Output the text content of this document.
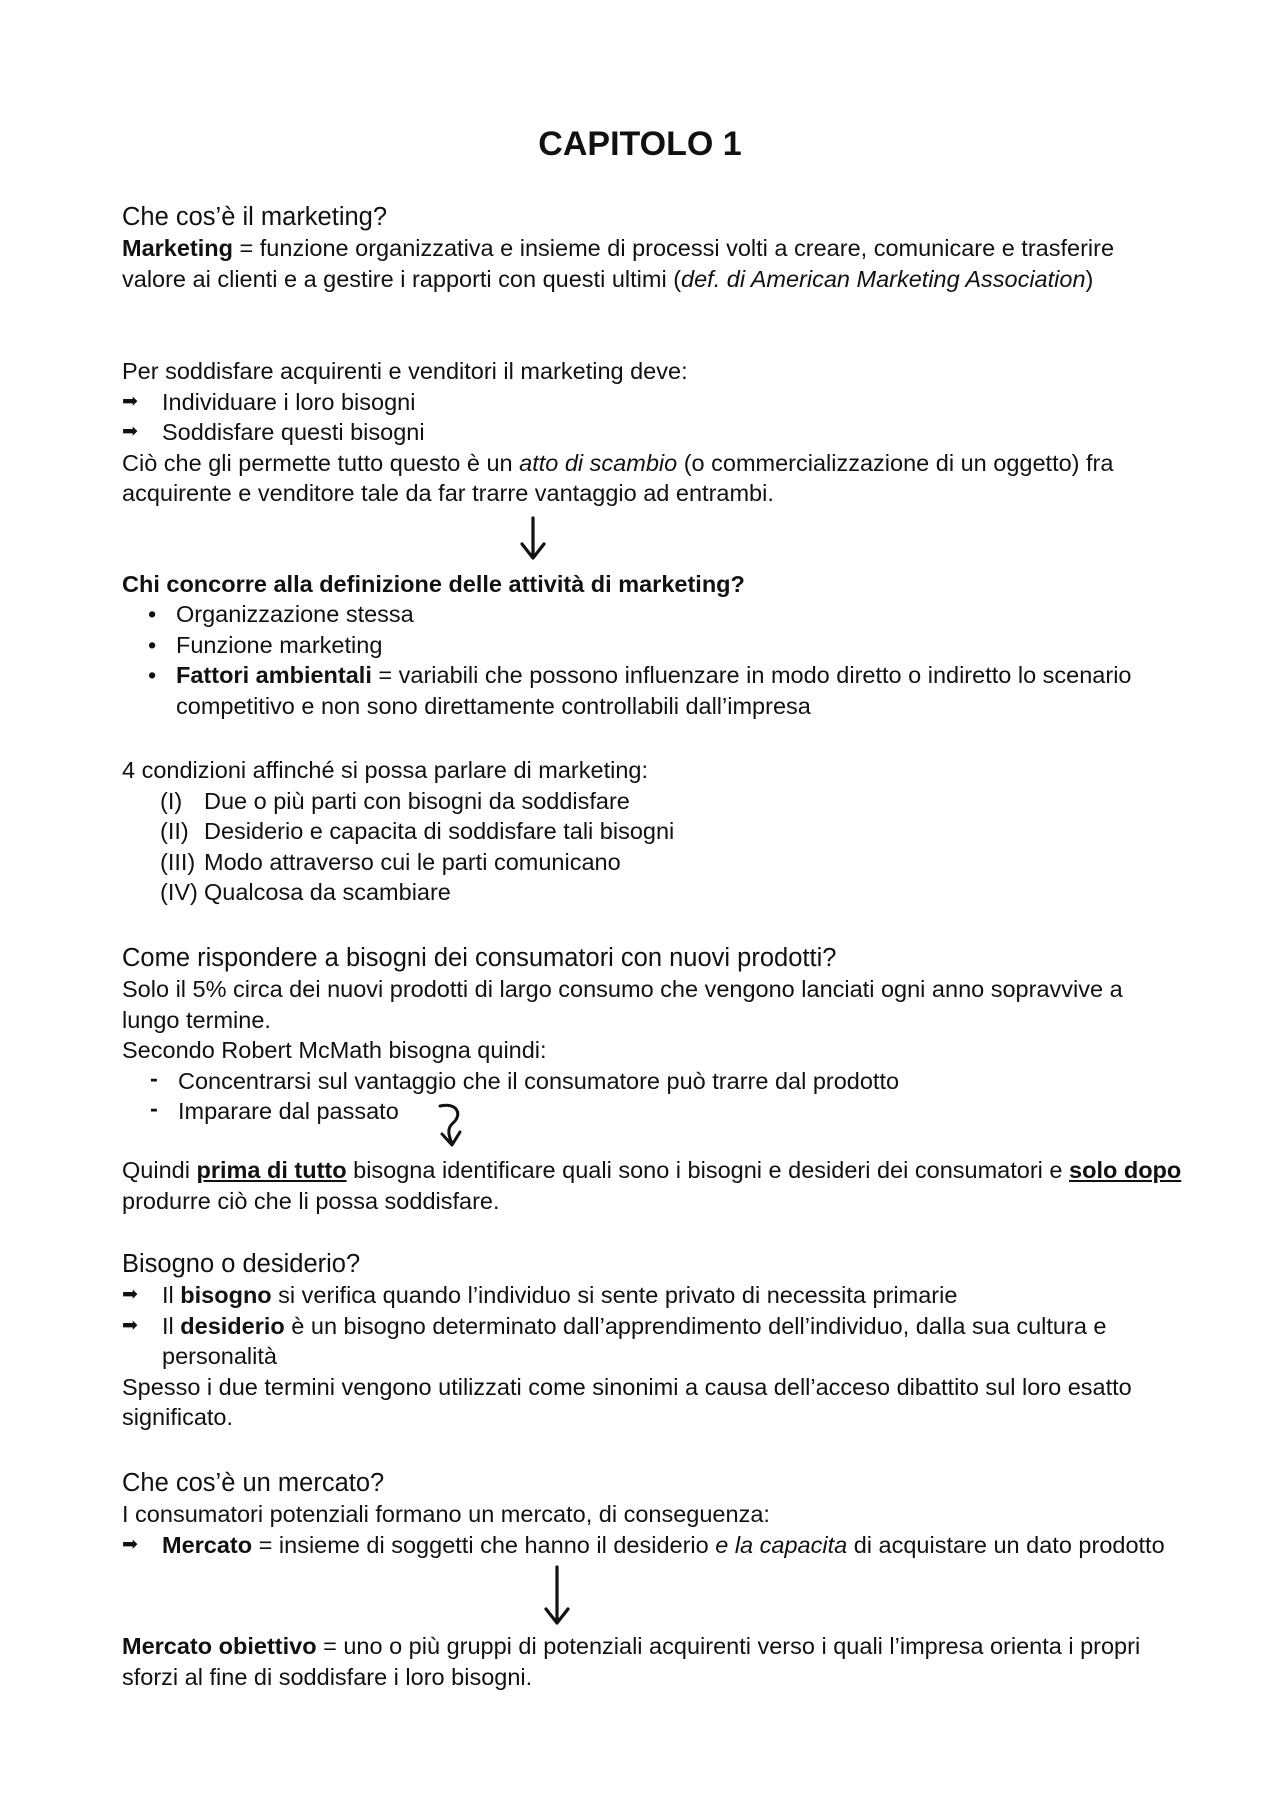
CAPITOLO 1
Che cos’è il marketing?
Marketing = funzione organizzativa e insieme di processi volti a creare, comunicare e trasferire valore ai clienti e a gestire i rapporti con questi ultimi (def. di American Marketing Association)
Per soddisfare acquirenti e venditori il marketing deve:
➡ Individuare i loro bisogni
➡ Soddisfare questi bisogni
Ciò che gli permette tutto questo è un atto di scambio (o commercializzazione di un oggetto) fra acquirente e venditore tale da far trarre vantaggio ad entrambi.
Chi concorre alla definizione delle attività di marketing?
• Organizzazione stessa
• Funzione marketing
• Fattori ambientali = variabili che possono influenzare in modo diretto o indiretto lo scenario competitivo e non sono direttamente controllabili dall’impresa
4 condizioni affinché si possa parlare di marketing:
(I) Due o più parti con bisogni da soddisfare
(II) Desiderio e capacita di soddisfare tali bisogni
(III) Modo attraverso cui le parti comunicano
(IV) Qualcosa da scambiare
Come rispondere a bisogni dei consumatori con nuovi prodotti?
Solo il 5% circa dei nuovi prodotti di largo consumo che vengono lanciati ogni anno sopravvive a lungo termine.
Secondo Robert McMath bisogna quindi:
- Concentrarsi sul vantaggio che il consumatore può trarre dal prodotto
- Imparare dal passato
Quindi prima di tutto bisogna identificare quali sono i bisogni e desideri dei consumatori e solo dopo produrre ciò che li possa soddisfare.
Bisogno o desiderio?
➡ Il bisogno si verifica quando l’individuo si sente privato di necessita primarie
➡ Il desiderio è un bisogno determinato dall’apprendimento dell’individuo, dalla sua cultura e personalità
Spesso i due termini vengono utilizzati come sinonimi a causa dell’acceso dibattito sul loro esatto significato.
Che cos’è un mercato?
I consumatori potenziali formano un mercato, di conseguenza:
➡ Mercato = insieme di soggetti che hanno il desiderio e la capacita di acquistare un dato prodotto
Mercato obiettivo = uno o più gruppi di potenziali acquirenti verso i quali l’impresa orienta i propri sforzi al fine di soddisfare i loro bisogni.
